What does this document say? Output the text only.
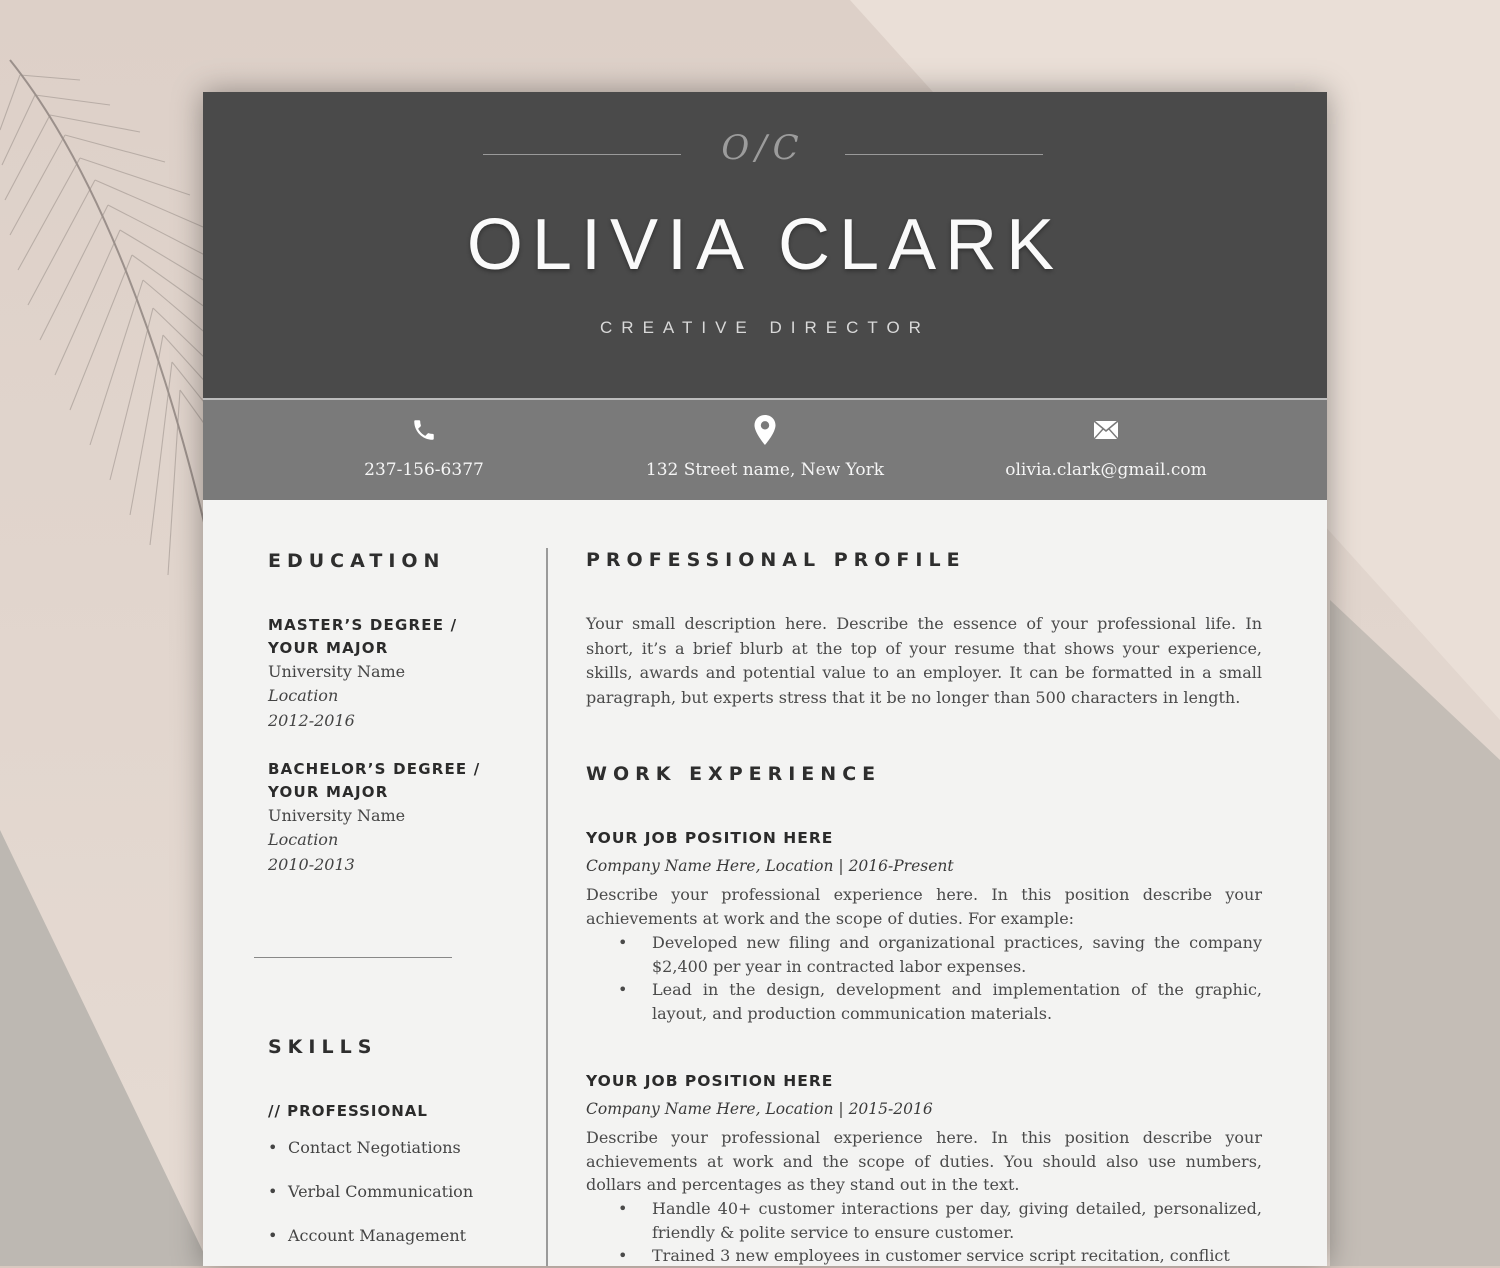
O/C
OLIVIA CLARK
CREATIVE DIRECTOR
237-156-6377	132 Street name, New York	olivia.clark@gmail.com
EDUCATION
MASTER’S DEGREE /
YOUR MAJOR
University Name
Location
2012-2016
BACHELOR’S DEGREE /
YOUR MAJOR
University Name
Location
2010-2013
SKILLS
// PROFESSIONAL
• Contact Negotiations
• Verbal Communication
• Account Management
PROFESSIONAL PROFILE
Your small description here. Describe the essence of your professional life. In short, it’s a brief blurb at the top of your resume that shows your experience, skills, awards and potential value to an employer. It can be formatted in a small paragraph, but experts stress that it be no longer than 500 characters in length.
WORK EXPERIENCE
YOUR JOB POSITION HERE
Company Name Here, Location | 2016-Present
Describe your professional experience here. In this position describe your achievements at work and the scope of duties. For example:
• Developed new filing and organizational practices, saving the company $2,400 per year in contracted labor expenses.
• Lead in the design, development and implementation of the graphic, layout, and production communication materials.
YOUR JOB POSITION HERE
Company Name Here, Location | 2015-2016
Describe your professional experience here. In this position describe your achievements at work and the scope of duties. You should also use numbers, dollars and percentages as they stand out in the text.
• Handle 40+ customer interactions per day, giving detailed, personalized, friendly & polite service to ensure customer.
• Trained 3 new employees in customer service script recitation, conflict
